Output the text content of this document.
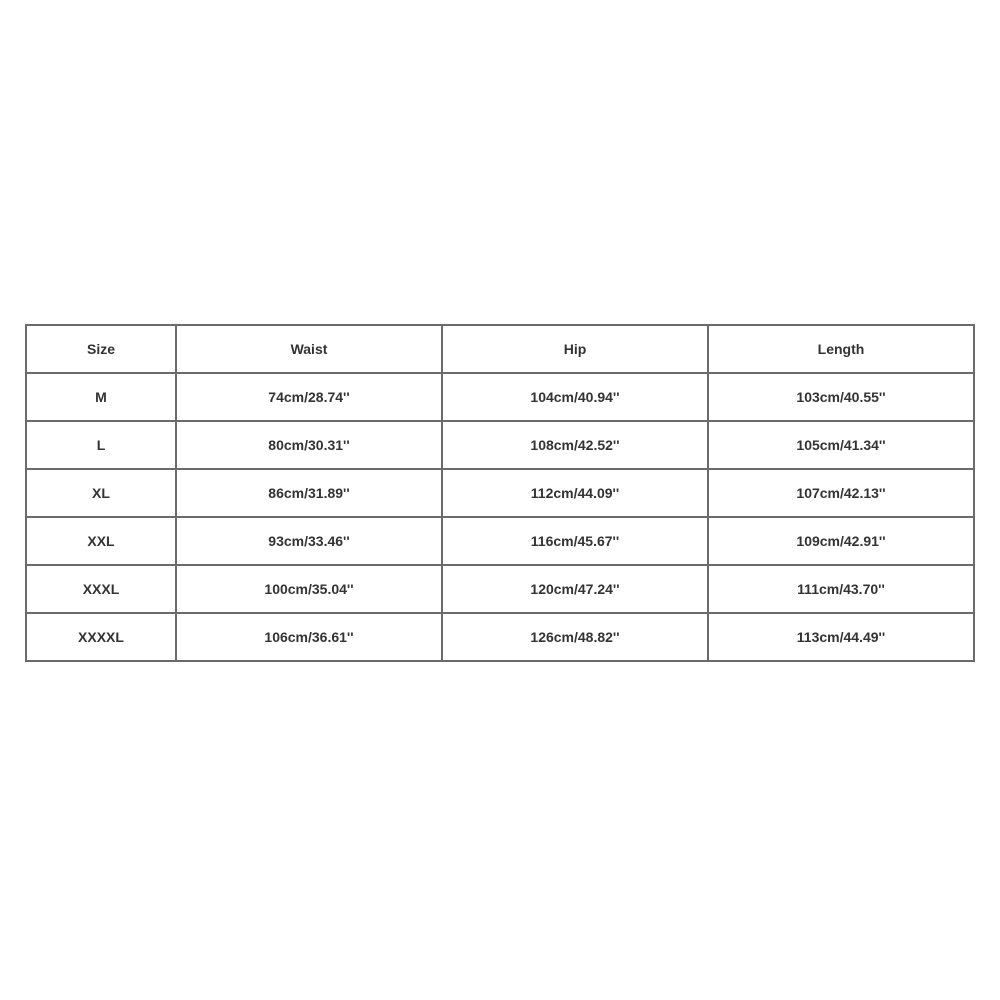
Size	Waist	Hip	Length
M	74cm/28.74''	104cm/40.94''	103cm/40.55''
L	80cm/30.31''	108cm/42.52''	105cm/41.34''
XL	86cm/31.89''	112cm/44.09''	107cm/42.13''
XXL	93cm/33.46''	116cm/45.67''	109cm/42.91''
XXXL	100cm/35.04''	120cm/47.24''	111cm/43.70''
XXXXL	106cm/36.61''	126cm/48.82''	113cm/44.49''
